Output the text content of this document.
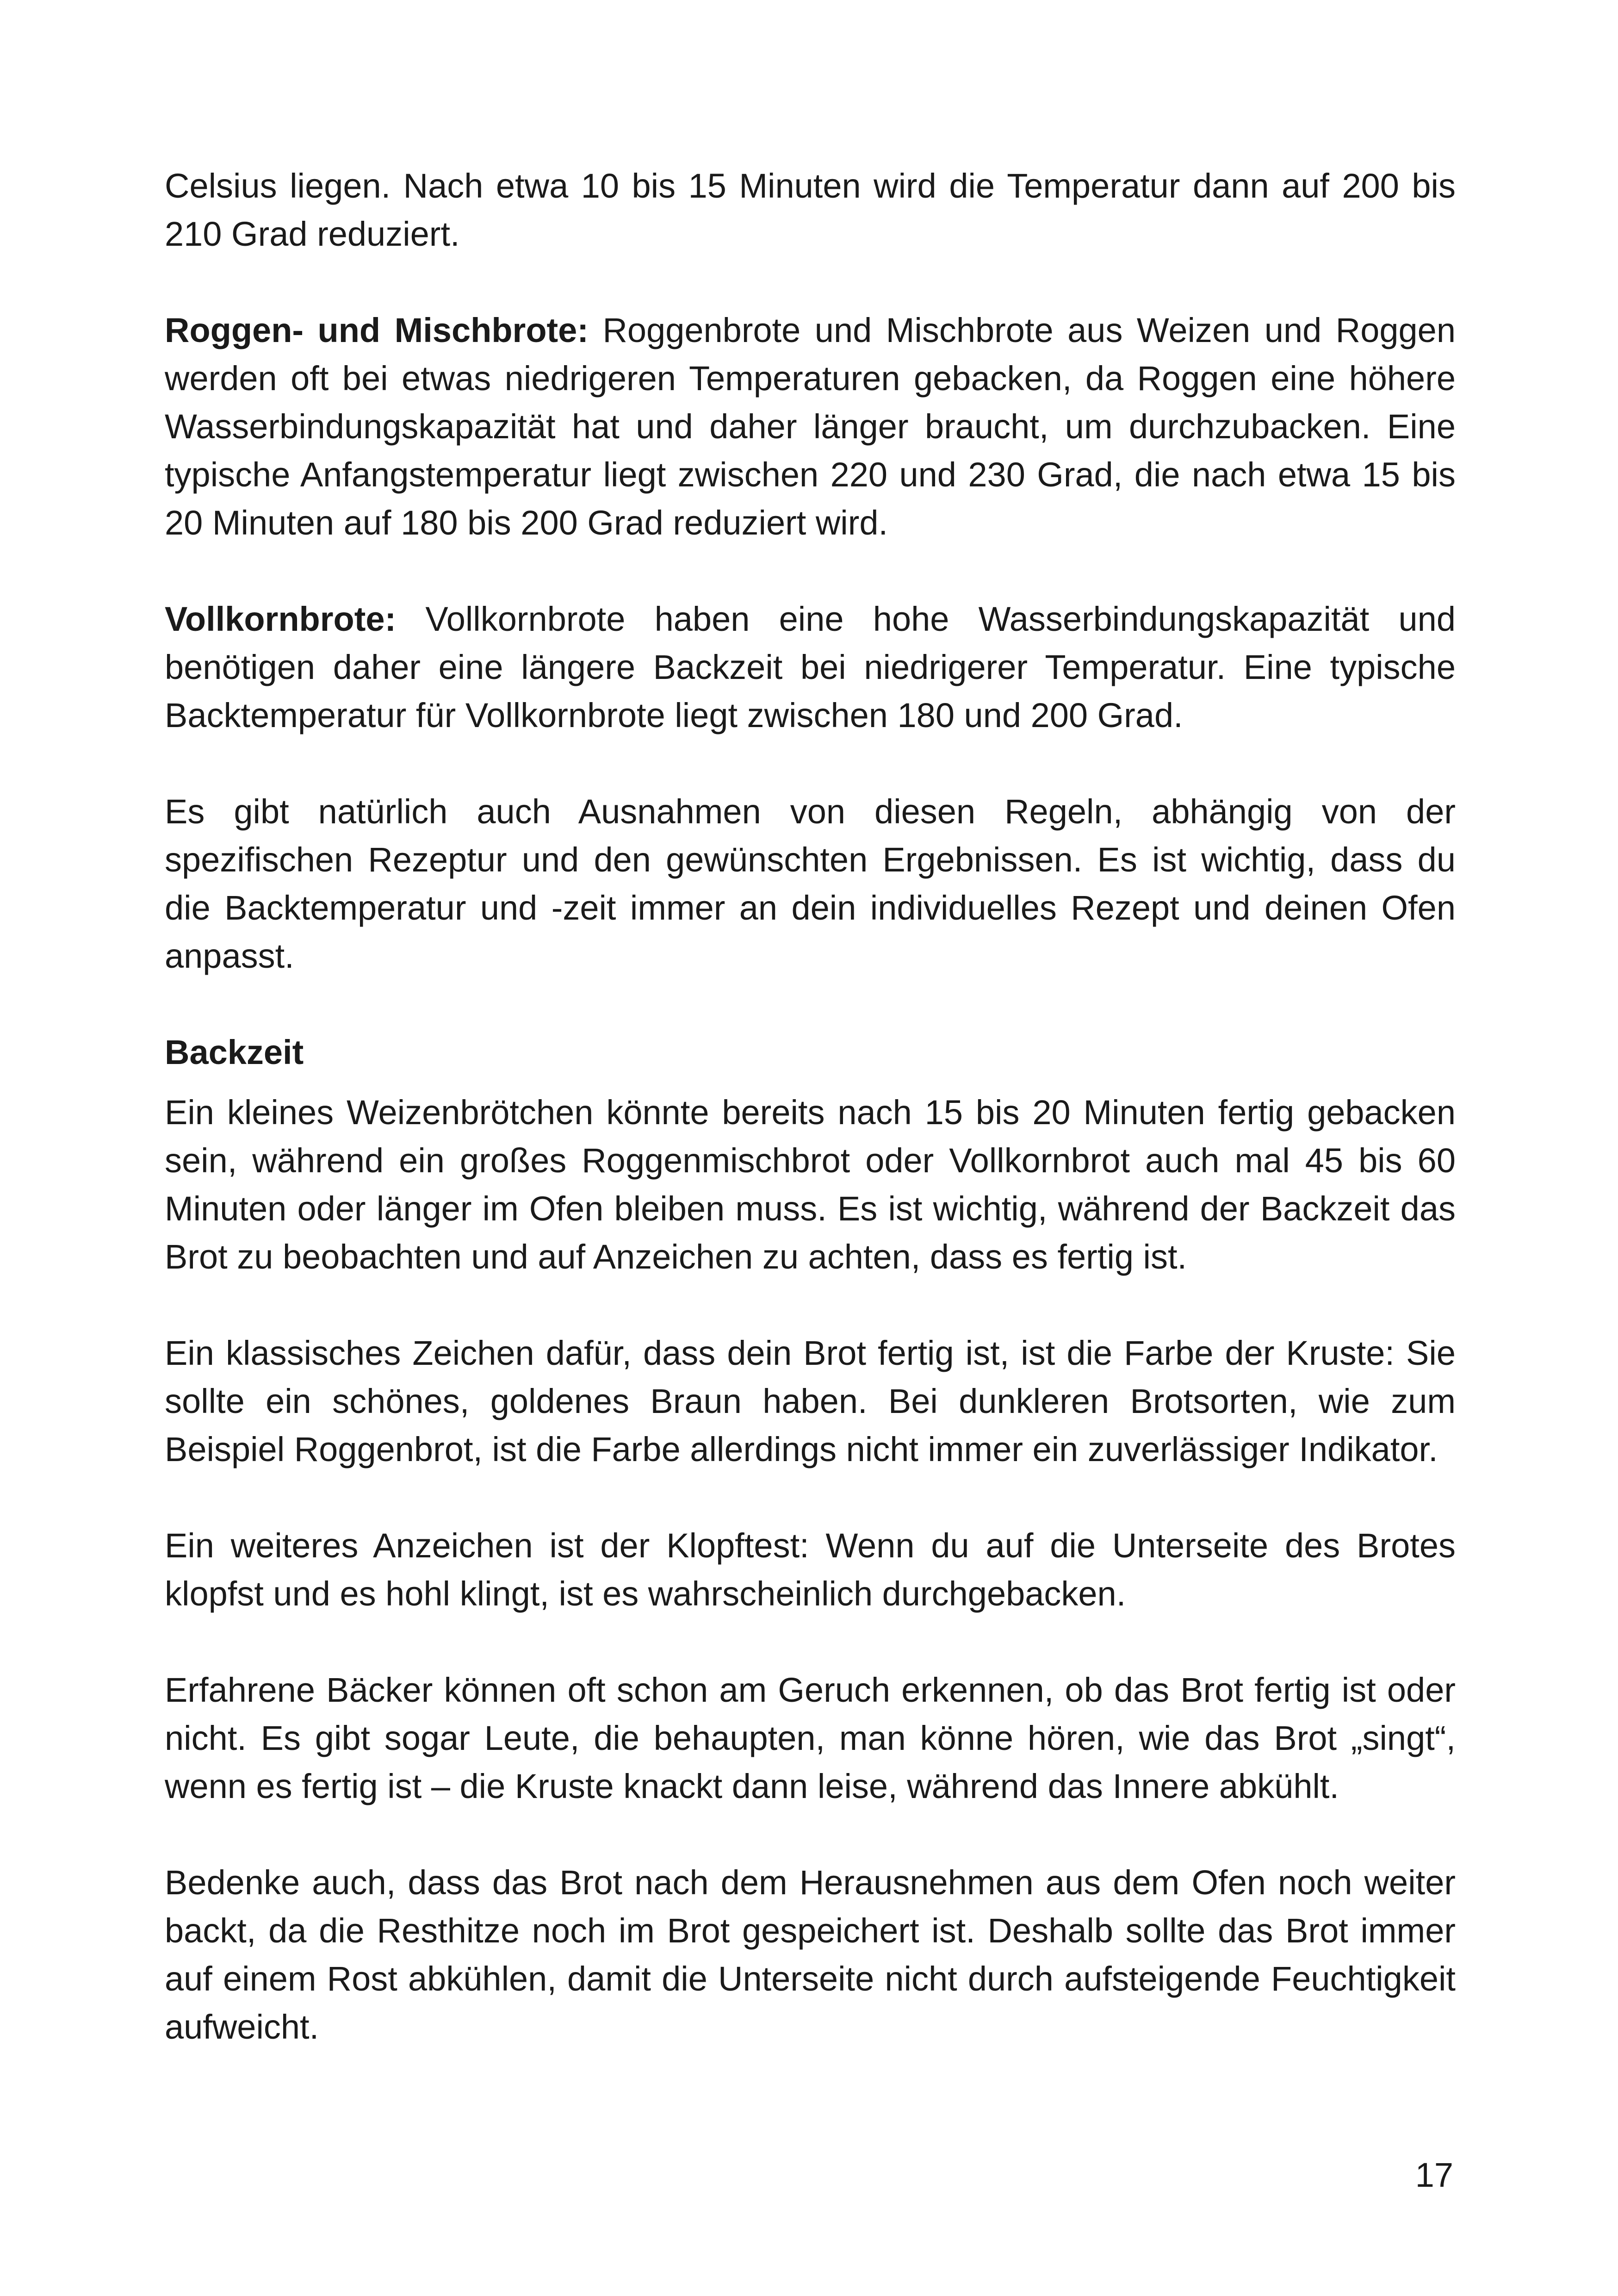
Celsius liegen. Nach etwa 10 bis 15 Minuten wird die Temperatur dann auf 200 bis 210 Grad reduziert.

Roggen- und Mischbrote: Roggenbrote und Mischbrote aus Weizen und Roggen werden oft bei etwas niedrigeren Temperaturen gebacken, da Roggen eine höhere Wasserbindungskapazität hat und daher länger braucht, um durchzubacken. Eine typische Anfangstemperatur liegt zwischen 220 und 230 Grad, die nach etwa 15 bis 20 Minuten auf 180 bis 200 Grad reduziert wird.

Vollkornbrote: Vollkornbrote haben eine hohe Wasserbindungskapazität und benötigen daher eine längere Backzeit bei niedrigerer Temperatur. Eine typische Backtemperatur für Vollkornbrote liegt zwischen 180 und 200 Grad.

Es gibt natürlich auch Ausnahmen von diesen Regeln, abhängig von der spezifischen Rezeptur und den gewünschten Ergebnissen. Es ist wichtig, dass du die Backtemperatur und -zeit immer an dein individuelles Rezept und deinen Ofen anpasst.

Backzeit

Ein kleines Weizenbrötchen könnte bereits nach 15 bis 20 Minuten fertig gebacken sein, während ein großes Roggenmischbrot oder Vollkornbrot auch mal 45 bis 60 Minuten oder länger im Ofen bleiben muss. Es ist wichtig, während der Backzeit das Brot zu beobachten und auf Anzeichen zu achten, dass es fertig ist.

Ein klassisches Zeichen dafür, dass dein Brot fertig ist, ist die Farbe der Kruste: Sie sollte ein schönes, goldenes Braun haben. Bei dunkleren Brotsorten, wie zum Beispiel Roggenbrot, ist die Farbe allerdings nicht immer ein zuverlässiger Indikator.

Ein weiteres Anzeichen ist der Klopftest: Wenn du auf die Unterseite des Brotes klopfst und es hohl klingt, ist es wahrscheinlich durchgebacken.

Erfahrene Bäcker können oft schon am Geruch erkennen, ob das Brot fertig ist oder nicht. Es gibt sogar Leute, die behaupten, man könne hören, wie das Brot „singt“, wenn es fertig ist – die Kruste knackt dann leise, während das Innere abkühlt.

Bedenke auch, dass das Brot nach dem Herausnehmen aus dem Ofen noch weiter backt, da die Resthitze noch im Brot gespeichert ist. Deshalb sollte das Brot immer auf einem Rost abkühlen, damit die Unterseite nicht durch aufsteigende Feuchtigkeit aufweicht.

17
